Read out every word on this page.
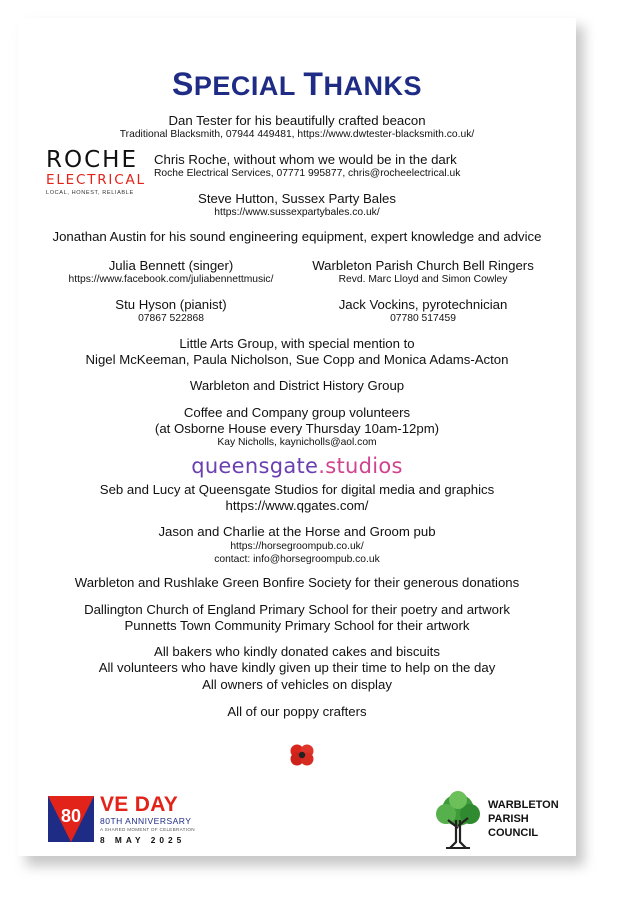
SPECIAL THANKS
Dan Tester for his beautifully crafted beacon
Traditional Blacksmith, 07944 449481, https://www.dwtester-blacksmith.co.uk/
ROCHE
ELECTRICAL
LOCAL, HONEST, RELIABLE
Chris Roche, without whom we would be in the dark
Roche Electrical Services, 07771 995877, chris@rocheelectrical.uk
Steve Hutton, Sussex Party Bales
https://www.sussexpartybales.co.uk/
Jonathan Austin for his sound engineering equipment, expert knowledge and advice
Julia Bennett (singer)
https://www.facebook.com/juliabennettmusic/
Warbleton Parish Church Bell Ringers
Revd. Marc Lloyd and Simon Cowley
Stu Hyson (pianist)
07867 522868
Jack Vockins, pyrotechnician
07780 517459
Little Arts Group, with special mention to
Nigel McKeeman, Paula Nicholson, Sue Copp and Monica Adams-Acton
Warbleton and District History Group
Coffee and Company group volunteers
(at Osborne House every Thursday 10am-12pm)
Kay Nicholls, kaynicholls@aol.com
queensgate.studios
Seb and Lucy at Queensgate Studios for digital media and graphics
https://www.qgates.com/
Jason and Charlie at the Horse and Groom pub
https://horsegroompub.co.uk/
contact: info@horsegroompub.co.uk
Warbleton and Rushlake Green Bonfire Society for their generous donations
Dallington Church of England Primary School for their poetry and artwork
Punnetts Town Community Primary School for their artwork
All bakers who kindly donated cakes and biscuits
All volunteers who have kindly given up their time to help on the day
All owners of vehicles on display
All of our poppy crafters
80 VE DAY
80TH ANNIVERSARY
A SHARED MOMENT OF CELEBRATION
8 MAY 2025
WARBLETON
PARISH
COUNCIL
